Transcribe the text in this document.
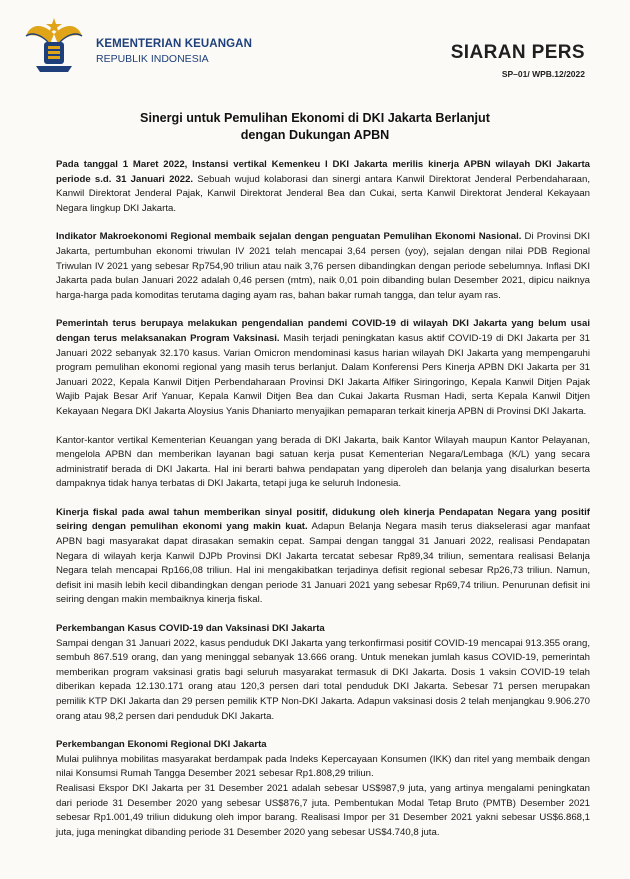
KEMENTERIAN KEUANGAN
REPUBLIK INDONESIA	SIARAN PERS
SP–01/ WPB.12/2022
Sinergi untuk Pemulihan Ekonomi di DKI Jakarta Berlanjut
dengan Dukungan APBN

Pada tanggal 1 Maret 2022, Instansi vertikal Kemenkeu I DKI Jakarta merilis kinerja APBN wilayah DKI Jakarta periode s.d. 31 Januari 2022. Sebuah wujud kolaborasi dan sinergi antara Kanwil Direktorat Jenderal Perbendaharaan, Kanwil Direktorat Jenderal Pajak, Kanwil Direktorat Jenderal Bea dan Cukai, serta Kanwil Direktorat Jenderal Kekayaan Negara lingkup DKI Jakarta.

Indikator Makroekonomi Regional membaik sejalan dengan penguatan Pemulihan Ekonomi Nasional. Di Provinsi DKI Jakarta, pertumbuhan ekonomi triwulan IV 2021 telah mencapai 3,64 persen (yoy), sejalan dengan nilai PDB Regional Triwulan IV 2021 yang sebesar Rp754,90 triliun atau naik 3,76 persen dibandingkan dengan periode sebelumnya. Inflasi DKI Jakarta pada bulan Januari 2022 adalah 0,46 persen (mtm), naik 0,01 poin dibanding bulan Desember 2021, dipicu naiknya harga-harga pada komoditas terutama daging ayam ras, bahan bakar rumah tangga, dan telur ayam ras.

Pemerintah terus berupaya melakukan pengendalian pandemi COVID-19 di wilayah DKI Jakarta yang belum usai dengan terus melaksanakan Program Vaksinasi. Masih terjadi peningkatan kasus aktif COVID-19 di DKI Jakarta per 31 Januari 2022 sebanyak 32.170 kasus. Varian Omicron mendominasi kasus harian wilayah DKI Jakarta yang mempengaruhi program pemulihan ekonomi regional yang masih terus berlanjut. Dalam Konferensi Pers Kinerja APBN DKI Jakarta per 31 Januari 2022, Kepala Kanwil Ditjen Perbendaharaan Provinsi DKI Jakarta Alfiker Siringoringo, Kepala Kanwil Ditjen Pajak Wajib Pajak Besar Arif Yanuar, Kepala Kanwil Ditjen Bea dan Cukai Jakarta Rusman Hadi, serta Kepala Kanwil Ditjen Kekayaan Negara DKI Jakarta Aloysius Yanis Dhaniarto menyajikan pemaparan terkait kinerja APBN di Provinsi DKI Jakarta.

Kantor-kantor vertikal Kementerian Keuangan yang berada di DKI Jakarta, baik Kantor Wilayah maupun Kantor Pelayanan, mengelola APBN dan memberikan layanan bagi satuan kerja pusat Kementerian Negara/Lembaga (K/L) yang secara administratif berada di DKI Jakarta. Hal ini berarti bahwa pendapatan yang diperoleh dan belanja yang disalurkan beserta dampaknya tidak hanya terbatas di DKI Jakarta, tetapi juga ke seluruh Indonesia.

Kinerja fiskal pada awal tahun memberikan sinyal positif, didukung oleh kinerja Pendapatan Negara yang positif seiring dengan pemulihan ekonomi yang makin kuat. Adapun Belanja Negara masih terus diakselerasi agar manfaat APBN bagi masyarakat dapat dirasakan semakin cepat. Sampai dengan tanggal 31 Januari 2022, realisasi Pendapatan Negara di wilayah kerja Kanwil DJPb Provinsi DKI Jakarta tercatat sebesar Rp89,34 triliun, sementara realisasi Belanja Negara telah mencapai Rp166,08 triliun. Hal ini mengakibatkan terjadinya defisit regional sebesar Rp26,73 triliun. Namun, defisit ini masih lebih kecil dibandingkan dengan periode 31 Januari 2021 yang sebesar Rp69,74 triliun. Penurunan defisit ini seiring dengan makin membaiknya kinerja fiskal.

Perkembangan Kasus COVID-19 dan Vaksinasi DKI Jakarta

Sampai dengan 31 Januari 2022, kasus penduduk DKI Jakarta yang terkonfirmasi positif COVID-19 mencapai 913.355 orang, sembuh 867.519 orang, dan yang meninggal sebanyak 13.666 orang. Untuk menekan jumlah kasus COVID-19, pemerintah memberikan program vaksinasi gratis bagi seluruh masyarakat termasuk di DKI Jakarta. Dosis 1 vaksin COVID-19 telah diberikan kepada 12.130.171 orang atau 120,3 persen dari total penduduk DKI Jakarta. Sebesar 71 persen merupakan pemilik KTP DKI Jakarta dan 29 persen pemilik KTP Non-DKI Jakarta. Adapun vaksinasi dosis 2 telah menjangkau 9.906.270 orang atau 98,2 persen dari penduduk DKI Jakarta.

Perkembangan Ekonomi Regional DKI Jakarta

Mulai pulihnya mobilitas masyarakat berdampak pada Indeks Kepercayaan Konsumen (IKK) dan ritel yang membaik dengan nilai Konsumsi Rumah Tangga Desember 2021 sebesar Rp1.808,29 triliun.

Realisasi Ekspor DKI Jakarta per 31 Desember 2021 adalah sebesar US$987,9 juta, yang artinya mengalami peningkatan dari periode 31 Desember 2020 yang sebesar US$876,7 juta. Pembentukan Modal Tetap Bruto (PMTB) Desember 2021 sebesar Rp1.001,49 triliun didukung oleh impor barang. Realisasi Impor per 31 Desember 2021 yakni sebesar US$6.868,1 juta, juga meningkat dibanding periode 31 Desember 2020 yang sebesar US$4.740,8 juta.
